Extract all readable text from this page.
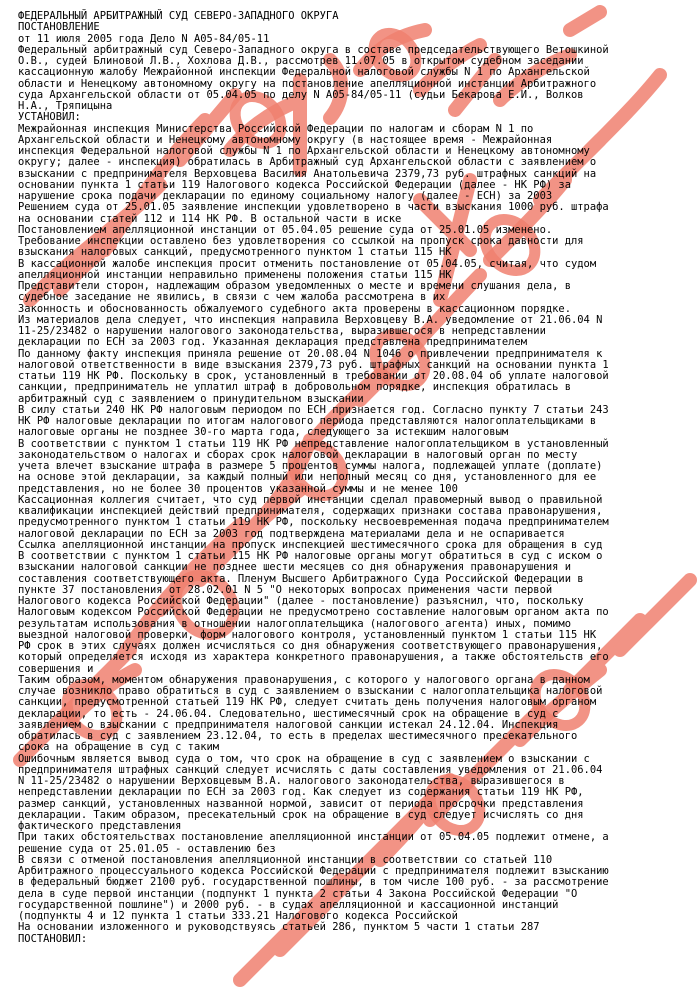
ФЕДЕРАЛЬНЫЙ АРБИТРАЖНЫЙ СУД СЕВЕРО-ЗАПАДНОГО ОКРУГА
ПОСТАНОВЛЕНИЕ
от 11 июля 2005 года Дело N А05-84/05-11
Федеральный арбитражный суд Северо-Западного округа в составе председательствующего Ветошкиной
О.В., судей Блиновой Л.В., Хохлова Д.В., рассмотрев 11.07.05 в открытом судебном заседании
кассационную жалобу Межрайонной инспекции Федеральной налоговой службы N 1 по Архангельской
области и Ненецкому автономному округу на постановление апелляционной инстанции Арбитражного
суда Архангельской области от 05.04.05 по делу N А05-84/05-11 (судьи Бекарова Е.И., Волков
Н.А., Тряпицына
УСТАНОВИЛ:
Межрайонная инспекция Министерства Российской Федерации по налогам и сборам N 1 по
Архангельской области и Ненецкому автономному округу (в настоящее время - Межрайонная
инспекция Федеральной налоговой службы N 1 по Архангельской области и Ненецкому автономному
округу; далее - инспекция) обратилась в Арбитражный суд Архангельской области с заявлением о
взыскании с предпринимателя Верховцева Василия Анатольевича 2379,73 руб. штрафных санкций на
основании пункта 1 статьи 119 Налогового кодекса Российской Федерации (далее - НК РФ) за
нарушение срока подачи декларации по единому социальному налогу (далее - ЕСН) за 2003
Решением суда от 25.01.05 заявление инспекции удовлетворено в части взыскания 1000 руб. штрафа
на основании статей 112 и 114 НК РФ. В остальной части в иске
Постановлением апелляционной инстанции от 05.04.05 решение суда от 25.01.05 изменено.
Требование инспекции оставлено без удовлетворения со ссылкой на пропуск срока давности для
взыскания налоговых санкций, предусмотренного пунктом 1 статьи 115 НК
В кассационной жалобе инспекция просит отменить постановление от 05.04.05, считая, что судом
апелляционной инстанции неправильно применены положения статьи 115 НК
Представители сторон, надлежащим образом уведомленных о месте и времени слушания дела, в
судебное заседание не явились, в связи с чем жалоба рассмотрена в их
Законность и обоснованность обжалуемого судебного акта проверены в кассационном порядке.
Из материалов дела следует, что инспекция направила Верховцеву В.А. уведомление от 21.06.04 N
11-25/23482 о нарушении налогового законодательства, выразившегося в непредставлении
декларации по ЕСН за 2003 год. Указанная декларация представлена предпринимателем
По данному факту инспекция приняла решение от 20.08.04 N 1046 о привлечении предпринимателя к
налоговой ответственности в виде взыскания 2379,73 руб. штрафных санкций на основании пункта 1
статьи 119 НК РФ. Поскольку в срок, установленный в требовании от 20.08.04 об уплате налоговой
санкции, предприниматель не уплатил штраф в добровольном порядке, инспекция обратилась в
арбитражный суд с заявлением о принудительном взыскании
В силу статьи 240 НК РФ налоговым периодом по ЕСН признается год. Согласно пункту 7 статьи 243
НК РФ налоговые декларации по итогам налогового периода представляются налогоплательщиками в
налоговые органы не позднее 30-го марта года, следующего за истекшим налоговым
В соответствии с пунктом 1 статьи 119 НК РФ непредставление налогоплательщиком в установленный
законодательством о налогах и сборах срок налоговой декларации в налоговый орган по месту
учета влечет взыскание штрафа в размере 5 процентов суммы налога, подлежащей уплате (доплате)
на основе этой декларации, за каждый полный или неполный месяц со дня, установленного для ее
представления, но не более 30 процентов указанной суммы и не менее 100
Кассационная коллегия считает, что суд первой инстанции сделал правомерный вывод о правильной
квалификации инспекцией действий предпринимателя, содержащих признаки состава правонарушения,
предусмотренного пунктом 1 статьи 119 НК РФ, поскольку несвоевременная подача предпринимателем
налоговой декларации по ЕСН за 2003 год подтверждена материалами дела и не оспаривается
Ссылка апелляционной инстанции на пропуск инспекцией шестимесячного срока для обращения в суд
В соответствии с пунктом 1 статьи 115 НК РФ налоговые органы могут обратиться в суд с иском о
взыскании налоговой санкции не позднее шести месяцев со дня обнаружения правонарушения и
составления соответствующего акта. Пленум Высшего Арбитражного Суда Российской Федерации в
пункте 37 постановления от 28.02.01 N 5 "О некоторых вопросах применения части первой
Налогового кодекса Российской Федерации" (далее - постановление) разъяснил, что, поскольку
Налоговым кодексом Российской Федерации не предусмотрено составление налоговым органом акта по
результатам использования в отношении налогоплательщика (налогового агента) иных, помимо
выездной налоговой проверки, форм налогового контроля, установленный пунктом 1 статьи 115 НК
РФ срок в этих случаях должен исчисляться со дня обнаружения соответствующего правонарушения,
который определяется исходя из характера конкретного правонарушения, а также обстоятельств его
совершения и
Таким образом, моментом обнаружения правонарушения, с которого у налогового органа в данном
случае возникло право обратиться в суд с заявлением о взыскании с налогоплательщика налоговой
санкции, предусмотренной статьей 119 НК РФ, следует считать день получения налоговым органом
декларации, то есть - 24.06.04. Следовательно, шестимесячный срок на обращение в суд с
заявлением о взыскании с предпринимателя налоговой санкции истекал 24.12.04. Инспекция
обратилась в суд с заявлением 23.12.04, то есть в пределах шестимесячного пресекательного
срока на обращение в суд с таким
Ошибочным является вывод суда о том, что срок на обращение в суд с заявлением о взыскании с
предпринимателя штрафных санкций следует исчислять с даты составления уведомления от 21.06.04
N 11-25/23482 о нарушении Верховцевым В.А. налогового законодательства, выразившегося в
непредставлении декларации по ЕСН за 2003 год. Как следует из содержания статьи 119 НК РФ,
размер санкций, установленных названной нормой, зависит от периода просрочки представления
декларации. Таким образом, пресекательный срок на обращение в суд следует исчислять со дня
фактического представления
При таких обстоятельствах постановление апелляционной инстанции от 05.04.05 подлежит отмене, а
решение суда от 25.01.05 - оставлению без
В связи с отменой постановления апелляционной инстанции в соответствии со статьей 110
Арбитражного процессуального кодекса Российской Федерации с предпринимателя подлежит взысканию
в федеральный бюджет 2100 руб. государственной пошлины, в том числе 100 руб. - за рассмотрение
дела в суде первой инстанции (подпункт 1 пункта 2 статьи 4 Закона Российской Федерации "О
государственной пошлине") и 2000 руб. - в судах апелляционной и кассационной инстанций
(подпункты 4 и 12 пункта 1 статьи 333.21 Налогового кодекса Российской
На основании изложенного и руководствуясь статьей 286, пунктом 5 части 1 статьи 287
ПОСТАНОВИЛ:
